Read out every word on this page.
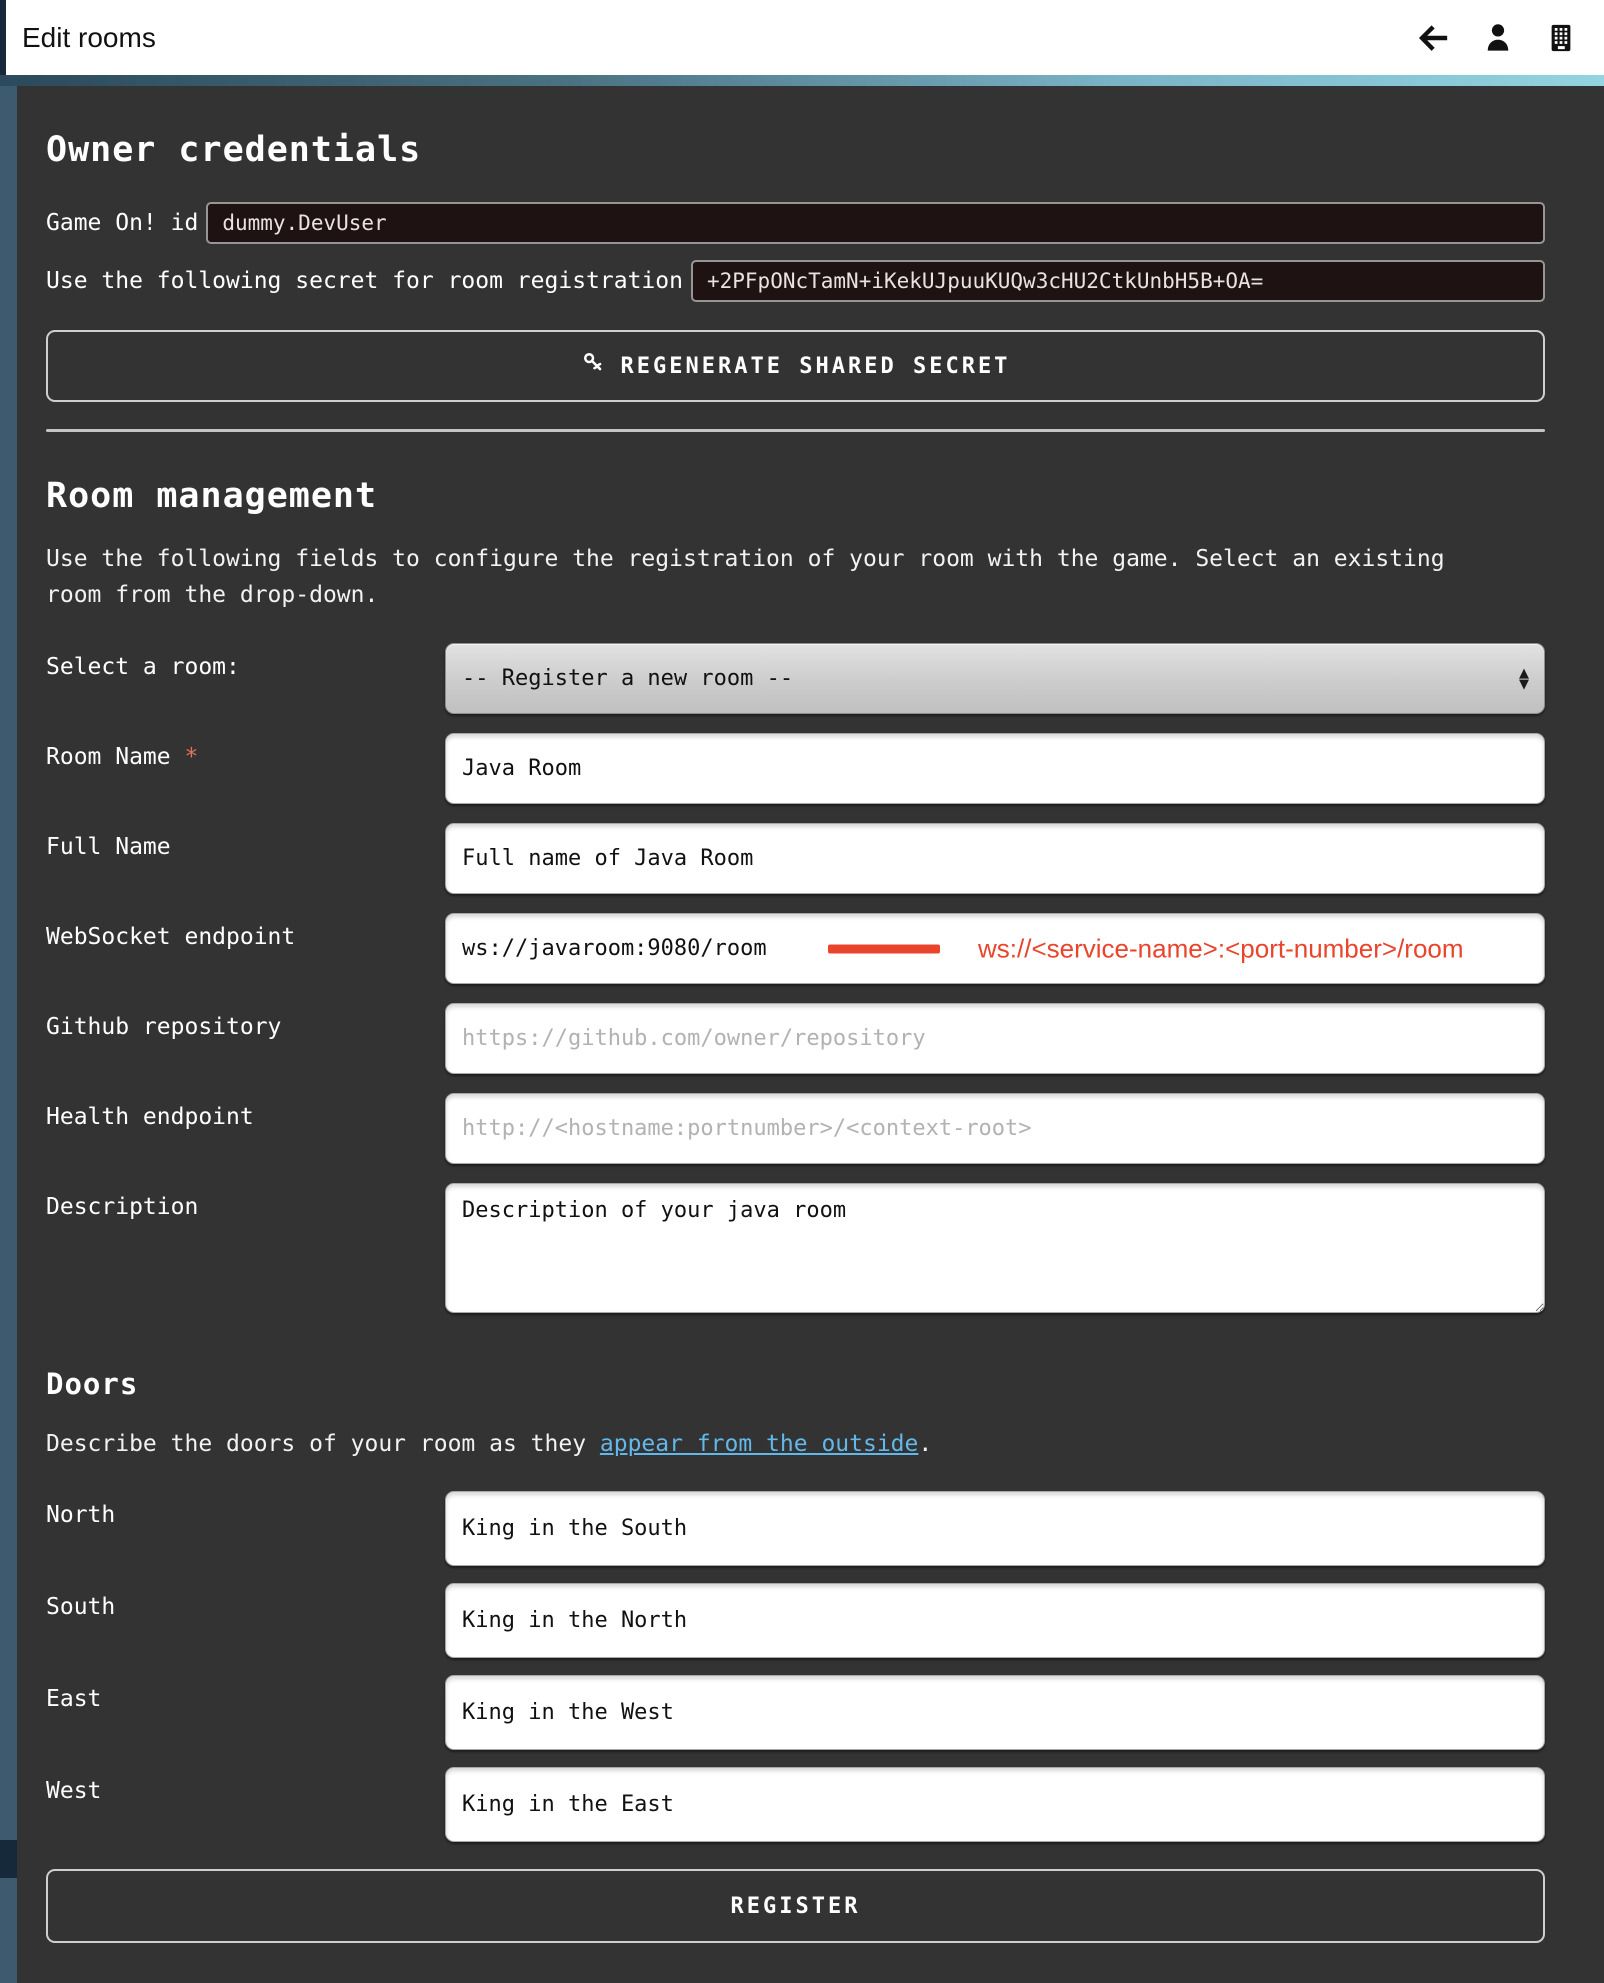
Edit rooms
Owner credentials
Game On! id
dummy.DevUser
Use the following secret for room registration
+2PFpONcTamN+iKekUJpuuKUQw3cHU2CtkUnbH5B+OA=
REGENERATE SHARED SECRET
Room management

Use the following fields to configure the registration of your room with the game. Select an existing room from the drop-down.

Select a room:
-- Register a new room --	▲
▼
Room Name *
Java Room
Full Name
Full name of Java Room
WebSocket endpoint
ws://javaroom:9080/room	ws://<service-name>:<port-number>/room
Github repository
https://github.com/owner/repository
Health endpoint
http://<hostname:portnumber>/<context-root>
Description
Description of your java room
Doors

Describe the doors of your room as they appear from the outside.

North
King in the South
South
King in the North
East
King in the West
West
King in the East
REGISTER
